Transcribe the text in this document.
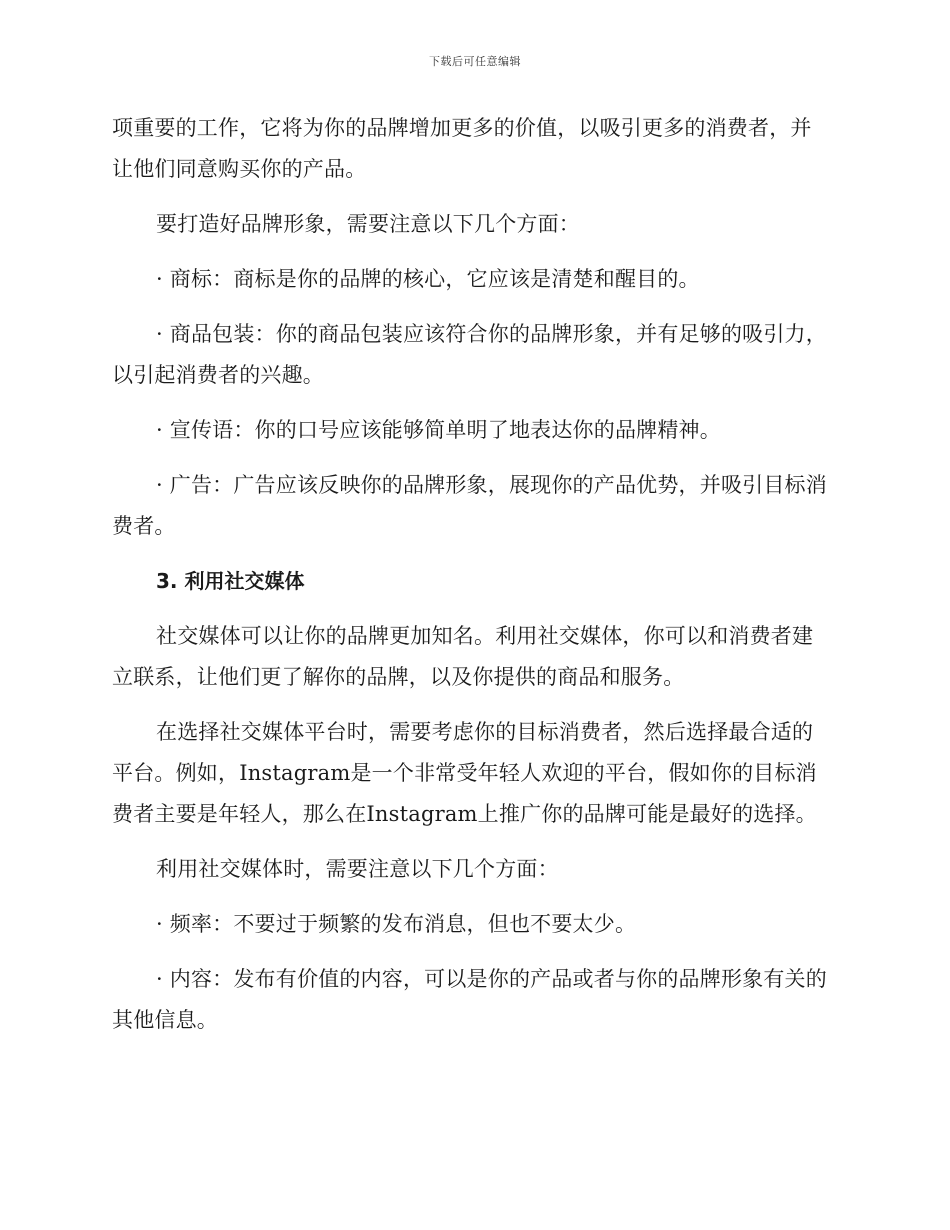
下载后可任意编辑

项重要的工作，它将为你的品牌增加更多的价值，以吸引更多的消费者，并让他们同意购买你的产品。

要打造好品牌形象，需要注意以下几个方面：

· 商标：商标是你的品牌的核心，它应该是清楚和醒目的。

· 商品包装：你的商品包装应该符合你的品牌形象，并有足够的吸引力，以引起消费者的兴趣。

· 宣传语：你的口号应该能够简单明了地表达你的品牌精神。

· 广告：广告应该反映你的品牌形象，展现你的产品优势，并吸引目标消费者。

3. 利用社交媒体

社交媒体可以让你的品牌更加知名。利用社交媒体，你可以和消费者建立联系，让他们更了解你的品牌，以及你提供的商品和服务。

在选择社交媒体平台时，需要考虑你的目标消费者，然后选择最合适的平台。例如，Instagram是一个非常受年轻人欢迎的平台，假如你的目标消费者主要是年轻人，那么在Instagram上推广你的品牌可能是最好的选择。

利用社交媒体时，需要注意以下几个方面：

· 频率：不要过于频繁的发布消息，但也不要太少。

· 内容：发布有价值的内容，可以是你的产品或者与你的品牌形象有关的其他信息。
